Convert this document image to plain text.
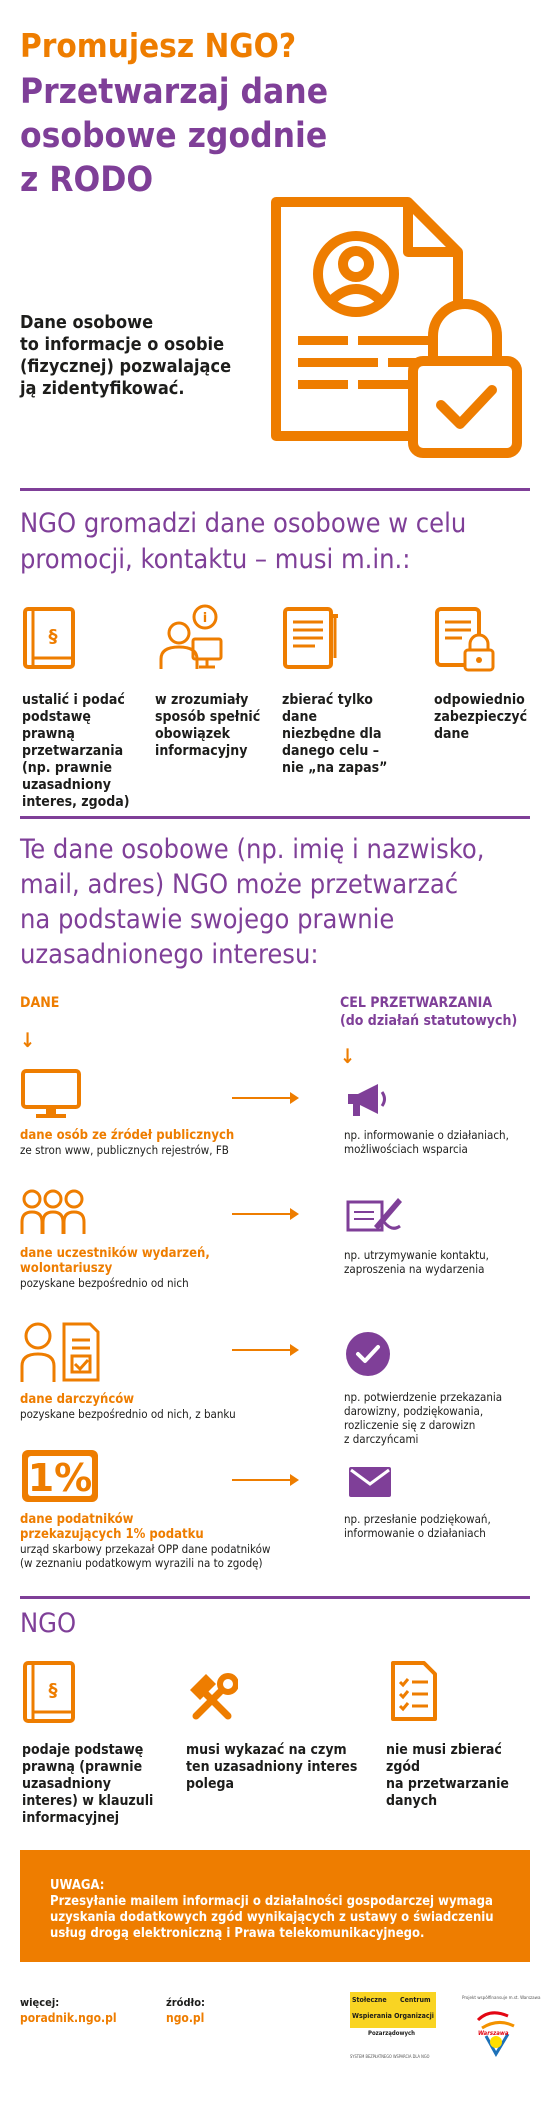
Promujesz NGO?
Przetwarzaj dane
osobowe zgodnie
z RODO
Dane osobowe
to informacje o osobie
(fizycznej) pozwalające
ją zidentyfikować.
NGO gromadzi dane osobowe w celu
promocji, kontaktu – musi m.in.:
§
i
ustalić i podać
podstawę prawną
przetwarzania
(np. prawnie
uzasadniony
interes, zgoda)
w zrozumiały
sposób spełnić
obowiązek
informacyjny
zbierać tylko dane
niezbędne dla
danego celu –
nie „na zapas”
odpowiednio
zabezpieczyć
dane
Te dane osobowe (np. imię i nazwisko,
mail, adres) NGO może przetwarzać
na podstawie swojego prawnie
uzasadnionego interesu:
DANE	CEL PRZETWARZANIA
(do działań statutowych)
↓
↓
dane osób ze źródeł publicznych
ze stron www, publicznych rejestrów, FB
np. informowanie o działaniach,
możliwościach wsparcia
dane uczestników wydarzeń,
wolontariuszy
pozyskane bezpośrednio od nich
np. utrzymywanie kontaktu,
zaproszenia na wydarzenia
dane darczyńców
pozyskane bezpośrednio od nich, z banku
np. potwierdzenie przekazania
darowizny, podziękowania,
rozliczenie się z darowizn
z darczyńcami
1%
dane podatników
przekazujących 1% podatku
urząd skarbowy przekazał OPP dane podatników
(w zeznaniu podatkowym wyrazili na to zgodę)
np. przesłanie podziękowań,
informowanie o działaniach
NGO
§
podaje podstawę
prawną (prawnie
uzasadniony
interes) w klauzuli
informacyjnej
musi wykazać na czym
ten uzasadniony interes
polega
nie musi zbierać zgód
na przetwarzanie
danych
UWAGA:
Przesyłanie mailem informacji o działalności gospodarczej wymaga
uzyskania dodatkowych zgód wynikających z ustawy o świadczeniu
usług drogą elektroniczną i Prawa telekomunikacyjnego.
więcej:
poradnik.ngo.pl
źródło:
ngo.pl
Stołeczne Centrum
Wspierania Organizacji
Pozarządowych
SYSTEM BEZPŁATNEGO WSPARCIA DLA NGO
Projekt współfinansuje m.st. Warszawa
Warszawa
